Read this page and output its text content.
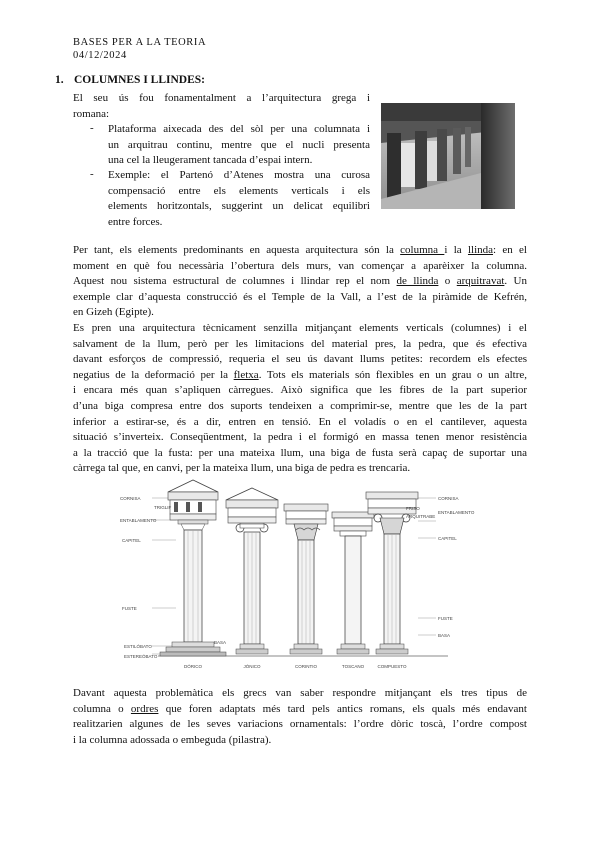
BASES PER A LA TEORIA
04/12/2024
1. COLUMNES I LLINDES:
El seu ús fou fonamentalment a l’arquitectura grega i
romana:
- Plataforma aixecada des del sòl per una columnata i
un arquitrau continu, mentre que el nucli presenta
una cel la lleugerament tancada d’espai intern.
- Exemple: el Partenó d’Atenes mostra una curosa
compensació entre els elements verticals i els
elements horitzontals, suggerint un delicat equilibri
entre forces.
Per tant, els elements predominants en aquesta arquitectura són la columna i la llinda: en el
moment en què fou necessària l’obertura dels murs, van començar a aparèixer la columna.
Aquest nou sistema estructural de columnes i llindar rep el nom de llinda o arquitravat. Un
exemple clar d’aquesta construcció és el Temple de la Vall, a l’est de la piràmide de Kefrén,
en Gizeh (Egipte).
Es pren una arquitectura tècnicament senzilla mitjançant elements verticals (columnes) i el
salvament de la llum, però per les limitacions del material pres, la pedra, que és efectiva
davant esforços de compressió, requeria el seu ús davant llums petites: recordem els efectes
negatius de la deformació per la fletxa. Tots els materials són flexibles en un grau o un altre,
i encara més quan s’apliquen càrregues. Això significa que les fibres de la part superior
d’una biga compresa entre dos suports tendeixen a comprimir-se, mentre que les de la part
inferior a estirar-se, és a dir, entren en tensió. En el voladís o en el cantilever, aquesta
situació s’inverteix. Conseqüentment, la pedra i el formigó en massa tenen menor resistència
a la tracció que la fusta: per una mateixa llum, una biga de fusta serà capaç de suportar una
càrrega tal que, en canvi, per la mateixa llum, una biga de pedra es trencaria.
CORNISA
TRIGLIF
ENTABLAMENTO
CAPITEL
FUSTE
ESTILÓBATO
ESTEREÓBATO
BASA
CORNISA
FRISO
ARQUITRABE
ENTABLAMENTO
CAPITEL
FUSTE
BASA
DÓRICO	JÓNICO	CORINTIO	TOSCANO	COMPUESTO
Davant aquesta problemàtica els grecs van saber respondre mitjançant els tres tipus de
columna o ordres que foren adaptats més tard pels antics romans, els quals més endavant
realitzarien algunes de les seves variacions ornamentals: l’ordre dòric toscà, l’ordre compost
i la columna adossada o embeguda (pilastra).
